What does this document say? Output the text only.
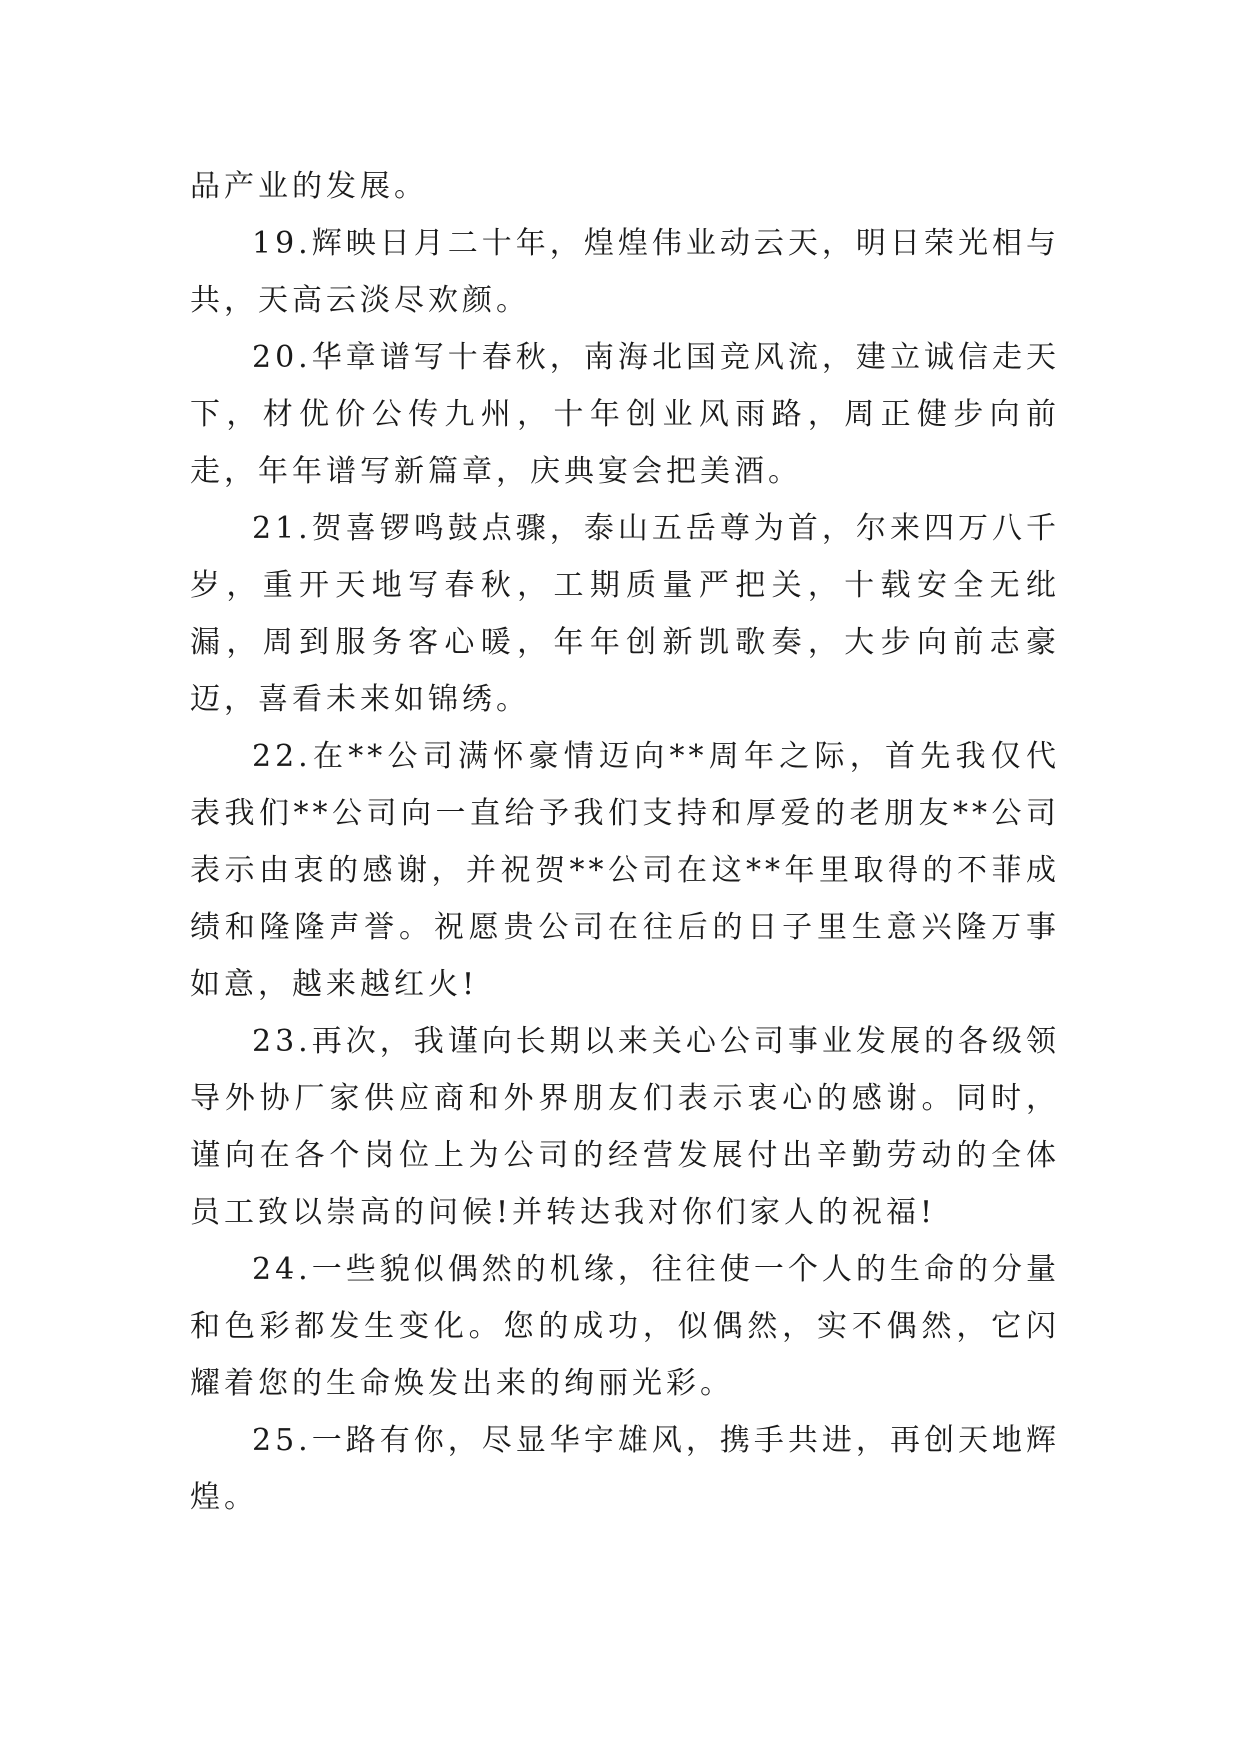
品产业的发展。

19.辉映日月二十年，煌煌伟业动云天，明日荣光相与共，天高云淡尽欢颜。

20.华章谱写十春秋，南海北国竞风流，建立诚信走天下，材优价公传九州，十年创业风雨路，周正健步向前走，年年谱写新篇章，庆典宴会把美酒。

21.贺喜锣鸣鼓点骤，泰山五岳尊为首，尔来四万八千岁，重开天地写春秋，工期质量严把关，十载安全无纰漏，周到服务客心暖，年年创新凯歌奏，大步向前志豪迈，喜看未来如锦绣。

22.在**公司满怀豪情迈向**周年之际，首先我仅代表我们**公司向一直给予我们支持和厚爱的老朋友**公司表示由衷的感谢，并祝贺**公司在这**年里取得的不菲成绩和隆隆声誉。祝愿贵公司在往后的日子里生意兴隆万事如意，越来越红火!

23.再次，我谨向长期以来关心公司事业发展的各级领导外协厂家供应商和外界朋友们表示衷心的感谢。同时，谨向在各个岗位上为公司的经营发展付出辛勤劳动的全体员工致以崇高的问候!并转达我对你们家人的祝福!

24.一些貌似偶然的机缘，往往使一个人的生命的分量和色彩都发生变化。您的成功，似偶然，实不偶然，它闪耀着您的生命焕发出来的绚丽光彩。

25.一路有你，尽显华宇雄风，携手共进，再创天地辉煌。
